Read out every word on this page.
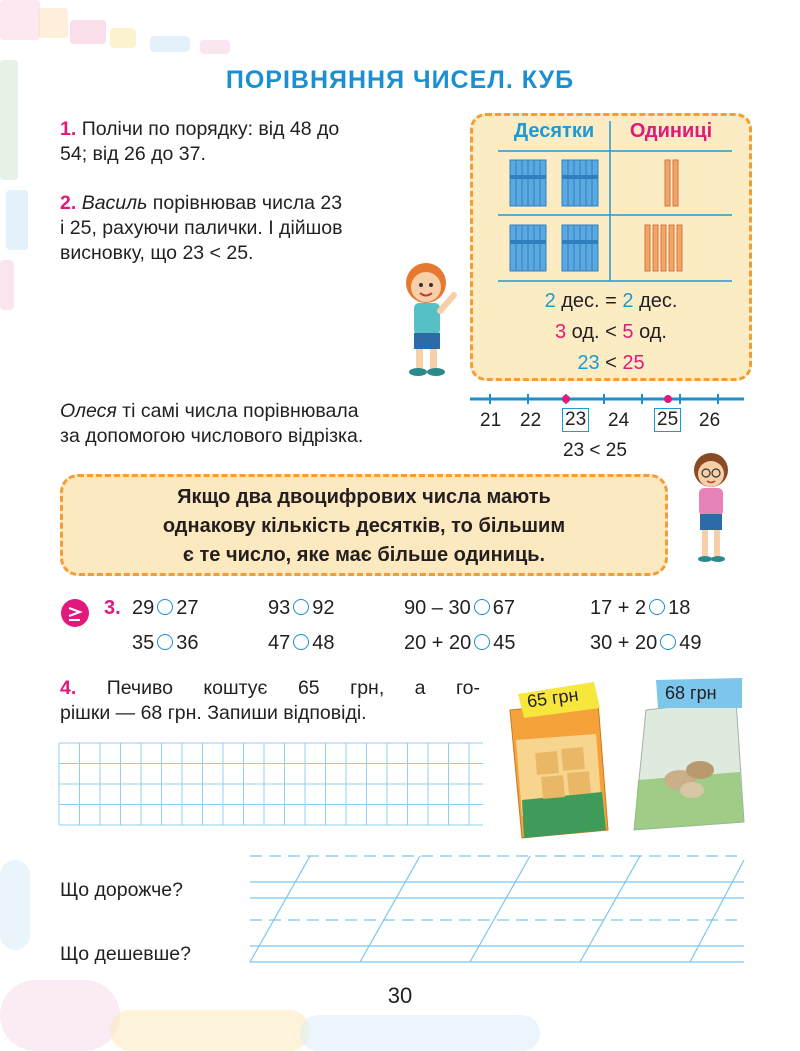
ПОРІВНЯННЯ ЧИСЕЛ. КУБ
1. Полічи по порядку: від 48 до
54; від 26 до 37.
2. Василь порівнював числа 23
і 25, рахуючи палички. І дійшов
висновку, що 23 < 25.
Десятки	Одиниці
2 дес. = 2 дес.
3 од. < 5 од.
23 < 25
Олеся ті самі числа порівнювала
за допомогою числового відрізка.
21 22 23 24 25 26
23 < 25
Якщо два двоцифрових числа мають
однакову кількість десятків, то більшим
є те число, яке має більше одиниць.
3. 29 27	93 92	90 – 30 67	17 + 2 18
35 36	47 48	20 + 20 45	30 + 20 49
4. Печиво коштує 65 грн, а го-
рішки — 68 грн. Запиши відповіді.
65 грн	68 грн
Що дорожче?
Що дешевше?
30
